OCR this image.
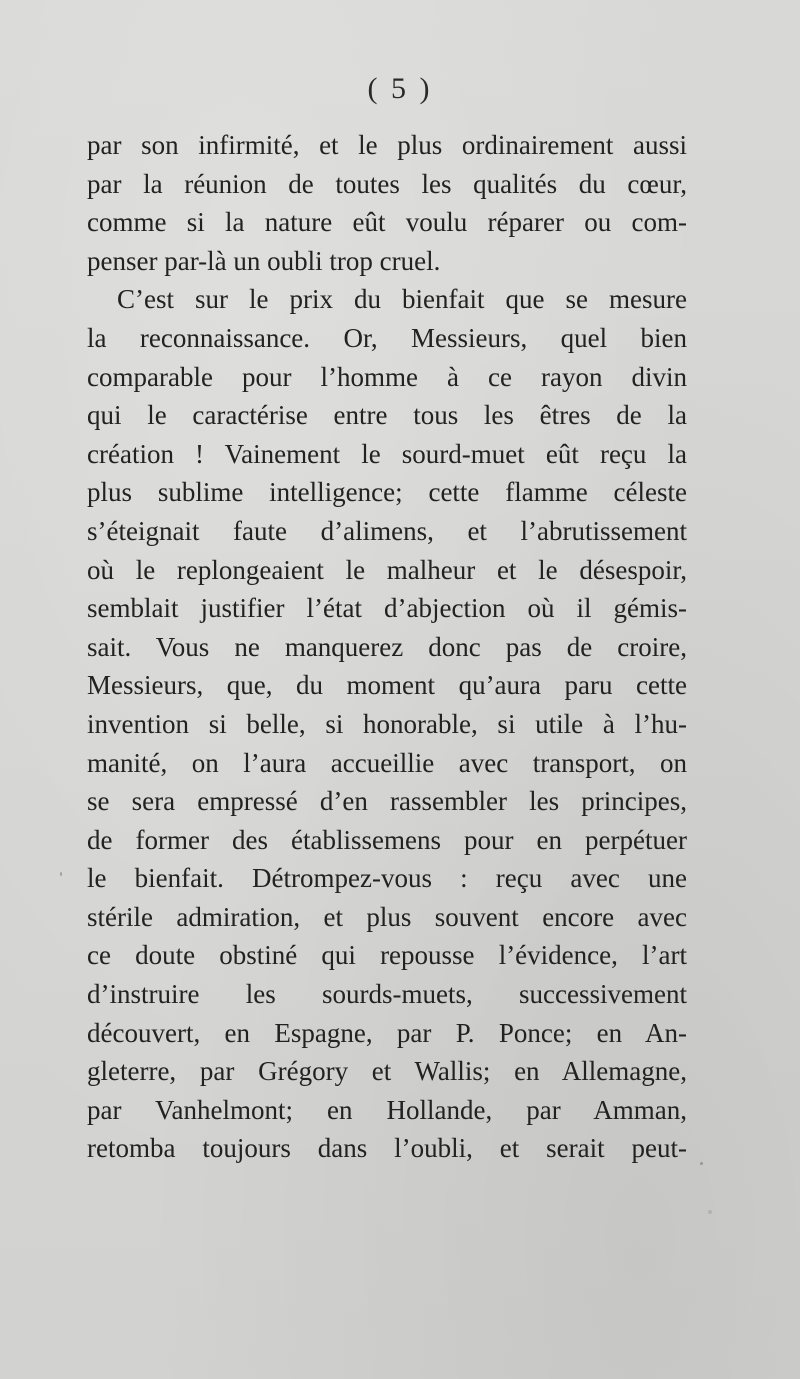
( 5 )
par son infirmité, et le plus ordinairement aussi
par la réunion de toutes les qualités du cœur,
comme si la nature eût voulu réparer ou com-
penser par-là un oubli trop cruel.
C’est sur le prix du bienfait que se mesure
la reconnaissance. Or, Messieurs, quel bien
comparable pour l’homme à ce rayon divin
qui le caractérise entre tous les êtres de la
création ! Vainement le sourd-muet eût reçu la
plus sublime intelligence; cette flamme céleste
s’éteignait faute d’alimens, et l’abrutissement
où le replongeaient le malheur et le désespoir,
semblait justifier l’état d’abjection où il gémis-
sait. Vous ne manquerez donc pas de croire,
Messieurs, que, du moment qu’aura paru cette
invention si belle, si honorable, si utile à l’hu-
manité, on l’aura accueillie avec transport, on
se sera empressé d’en rassembler les principes,
de former des établissemens pour en perpétuer
le bienfait. Détrompez-vous : reçu avec une
stérile admiration, et plus souvent encore avec
ce doute obstiné qui repousse l’évidence, l’art
d’instruire les sourds-muets, successivement
découvert, en Espagne, par P. Ponce; en An-
gleterre, par Grégory et Wallis; en Allemagne,
par Vanhelmont; en Hollande, par Amman,
retomba toujours dans l’oubli, et serait peut-
